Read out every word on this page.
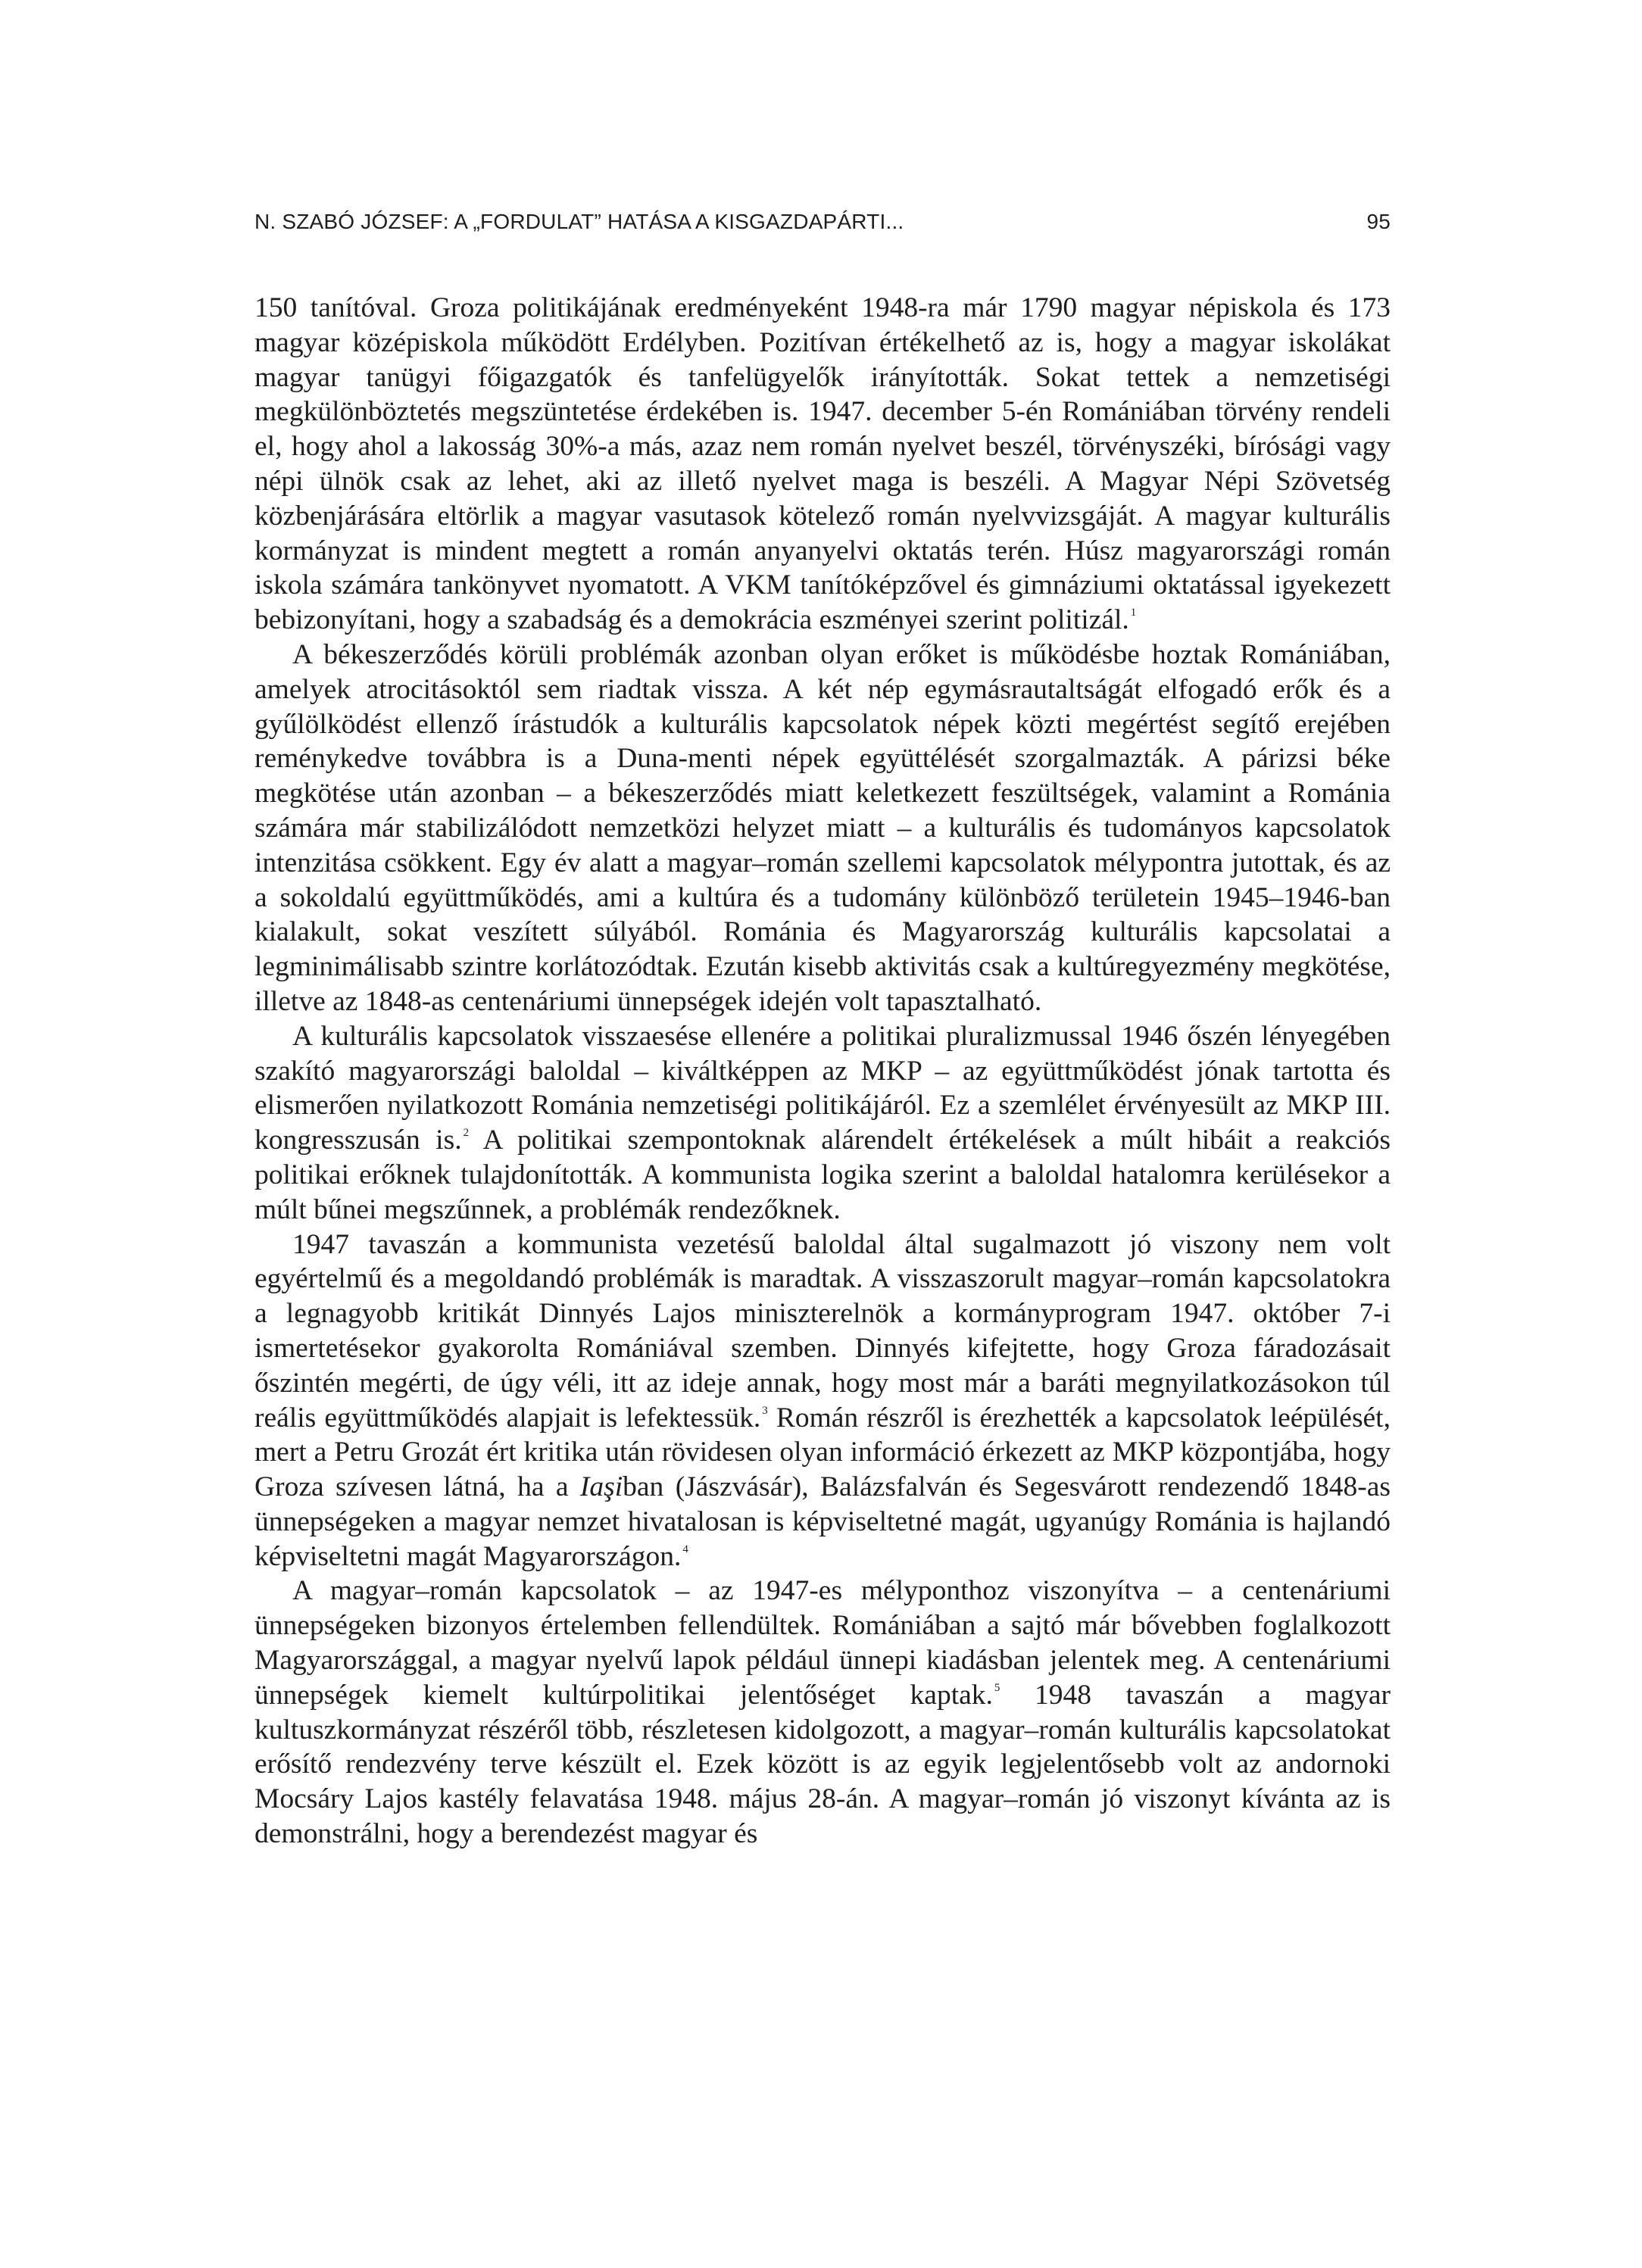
N. SZABÓ JÓZSEF: A „FORDULAT” HATÁSA A KISGAZDAPÁRTI...	95

150 tanítóval. Groza politikájának eredményeként 1948-ra már 1790 magyar népiskola és 173 magyar középiskola működött Erdélyben. Pozitívan értékelhető az is, hogy a magyar iskolákat magyar tanügyi főigazgatók és tanfelügyelők irányították. Sokat tettek a nemzetiségi megkülönböztetés megszüntetése érdekében is. 1947. december 5-én Romániában törvény rendeli el, hogy ahol a lakosság 30%-a más, azaz nem román nyelvet beszél, törvényszéki, bírósági vagy népi ülnök csak az lehet, aki az illető nyelvet maga is beszéli. A Magyar Népi Szövetség közbenjárására eltörlik a magyar vasutasok kötelező román nyelvvizsgáját. A magyar kulturális kormányzat is mindent megtett a román anyanyelvi oktatás terén. Húsz magyarországi román iskola számára tankönyvet nyomatott. A VKM tanítóképzővel és gimnáziumi oktatással igyekezett bebizonyítani, hogy a szabadság és a demokrácia eszményei szerint politizál. $^1$

A békeszerződés körüli problémák azonban olyan erőket is működésbe hoztak Romániában, amelyek atrocitásoktól sem riadtak vissza. A két nép egymásrautaltságát elfogadó erők és a gyűlölködést ellenző írástudók a kulturális kapcsolatok népek közti megértést segítő erejében reménykedve továbbra is a Duna-menti népek együttélését szorgalmazták. A párizsi béke megkötése után azonban – a békeszerződés miatt keletkezett feszültségek, valamint a Románia számára már stabilizálódott nemzetközi helyzet miatt – a kulturális és tudományos kapcsolatok intenzitása csökkent. Egy év alatt a magyar–román szellemi kapcsolatok mélypontra jutottak, és az a sokoldalú együttműködés, ami a kultúra és a tudomány különböző területein 1945–1946-ban kialakult, sokat veszített súlyából. Románia és Magyarország kulturális kapcsolatai a legminimálisabb szintre korlátozódtak. Ezután kisebb aktivitás csak a kultúregyezmény megkötése, illetve az 1848-as centenáriumi ünnepségek idején volt tapasztalható.

A kulturális kapcsolatok visszaesése ellenére a politikai pluralizmussal 1946 őszén lényegében szakító magyarországi baloldal – kiváltképpen az MKP – az együttműködést jónak tartotta és elismerően nyilatkozott Románia nemzetiségi politikájáról. Ez a szemlélet érvényesült az MKP III. kongresszusán is. $^2$ A politikai szempontoknak alárendelt értékelések a múlt hibáit a reakciós politikai erőknek tulajdonították. A kommunista logika szerint a baloldal hatalomra kerülésekor a múlt bűnei megszűnnek, a problémák rendezőknek.

1947 tavaszán a kommunista vezetésű baloldal által sugalmazott jó viszony nem volt egyértelmű és a megoldandó problémák is maradtak. A visszaszorult magyar–román kapcsolatokra a legnagyobb kritikát Dinnyés Lajos miniszterelnök a kormányprogram 1947. október 7-i ismertetésekor gyakorolta Romániával szemben. Dinnyés kifejtette, hogy Groza fáradozásait őszintén megérti, de úgy véli, itt az ideje annak, hogy most már a baráti megnyilatkozásokon túl reális együttműködés alapjait is lefektessük. $^3$ Román részről is érezhették a kapcsolatok leépülését, mert a Petru Grozát ért kritika után rövidesen olyan információ érkezett az MKP központjába, hogy Groza szívesen látná, ha a Iaşiban (Jászvásár), Balázsfalván és Segesvárott rendezendő 1848-as ünnepségeken a magyar nemzet hivatalosan is képviseltetné magát, ugyanúgy Románia is hajlandó képviseltetni magát Magyarországon. $^4$

A magyar–román kapcsolatok – az 1947-es mélyponthoz viszonyítva – a centenáriumi ünnepségeken bizonyos értelemben fellendültek. Romániában a sajtó már bővebben foglalkozott Magyarországgal, a magyar nyelvű lapok például ünnepi kiadásban jelentek meg. A centenáriumi ünnepségek kiemelt kultúrpolitikai jelentőséget kaptak. $^5$ 1948 tavaszán a magyar kultuszkormányzat részéről több, részletesen kidolgozott, a magyar–román kulturális kapcsolatokat erősítő rendezvény terve készült el. Ezek között is az egyik legjelentősebb volt az andornoki Mocsáry Lajos kastély felavatása 1948. május 28-án. A magyar–román jó viszonyt kívánta az is demonstrálni, hogy a berendezést magyar és
